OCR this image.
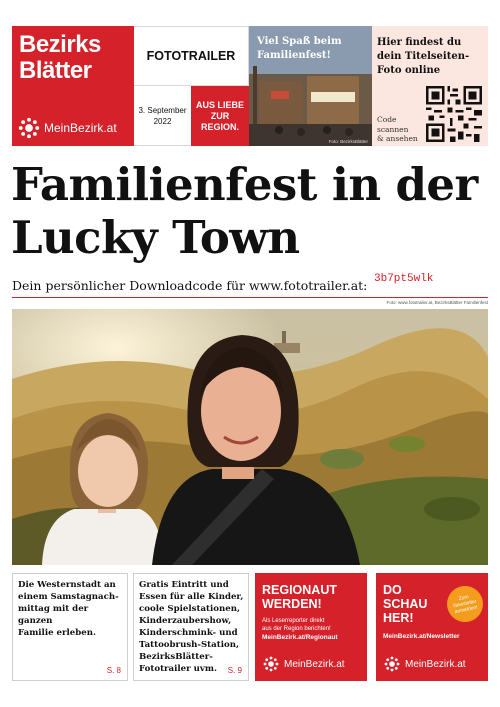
Bezirks
Blätter
MeinBezirk.at
FOTOTRAILER
3. September
2022
AUS LIEBE
ZUR
REGION.
Viel Spaß beim
Familienfest!
Foto: BezirksBlätter
Hier findest du
dein Titelseiten-
Foto online
Code
scannen
& ansehen
Familienfest in der
Lucky Town
Dein persönlicher Downloadcode für www.fototrailer.at: 3b7pt5wlk
Foto: www.fototrailer.at, BezirksBlätter Familienfest
Die Westernstadt an
einem Samstagnach-
mittag mit der ganzen
Familie erleben.
S. 8
Gratis Eintritt und
Essen für alle Kinder,
coole Spielstationen,
Kinderzaubershow,
Kinderschmink- und
Tattoobrush-Station,
BezirksBlätter-
Fototrailer uvm.	S. 9
REGIONAUT
WERDEN!
Als Leserreporter direkt
aus der Region berichten!
MeinBezirk.at/Regionaut
MeinBezirk.at
DO
SCHAU
HER!
Zum
Newsletter
anmelden!
MeinBezirk.at/Newsletter
MeinBezirk.at
